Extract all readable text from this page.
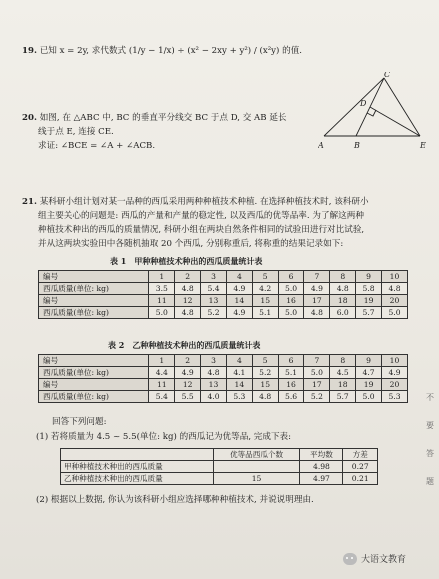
19. 已知 x = 2y, 求代数式 (1/y − 1/x) ÷ (x² − 2xy + y²) / (x²y) 的值.
20. 如图, 在 △ABC 中, BC 的垂直平分线交 BC 于点 D, 交 AB 延长
线于点 E, 连接 CE.
求证: ∠BCE = ∠A + ∠ACB.	A	B
C
D
E
21. 某科研小组计划对某一品种的西瓜采用两种种植技术种植. 在选择种植技术时, 该科研小
组主要关心的问题是: 西瓜的产量和产量的稳定性, 以及西瓜的优等品率. 为了解这两种
种植技术种出的西瓜的质量情况, 科研小组在两块自然条件相同的试验田进行对比试验,
并从这两块实验田中各随机抽取 20 个西瓜, 分别称重后, 将称重的结果记录如下:
表 1　甲种种植技术种出的西瓜质量统计表
编号	1	2	3	4	5	6	7	8	9	10
西瓜质量(单位: kg)	3.5	4.8	5.4	4.9	4.2	5.0	4.9	4.8	5.8	4.8
编号	11	12	13	14	15	16	17	18	19	20
西瓜质量(单位: kg)	5.0	4.8	5.2	4.9	5.1	5.0	4.8	6.0	5.7	5.0
表 2　乙种种植技术种出的西瓜质量统计表
编号	1	2	3	4	5	6	7	8	9	10
西瓜质量(单位: kg)	4.4	4.9	4.8	4.1	5.2	5.1	5.0	4.5	4.7	4.9
编号	11	12	13	14	15	16	17	18	19	20
西瓜质量(单位: kg)	5.4	5.5	4.0	5.3	4.8	5.6	5.2	5.7	5.0	5.3
回答下列问题:
(1) 若将质量为 4.5 ~ 5.5(单位: kg) 的西瓜记为优等品, 完成下表:
	优等品西瓜个数	平均数	方差
甲种种植技术种出的西瓜质量		4.98	0.27
乙种种植技术种出的西瓜质量	15	4.97	0.21
(2) 根据以上数据, 你认为该科研小组应选择哪种种植技术, 并说说明理由.
不
要
答
题
大语文教育
